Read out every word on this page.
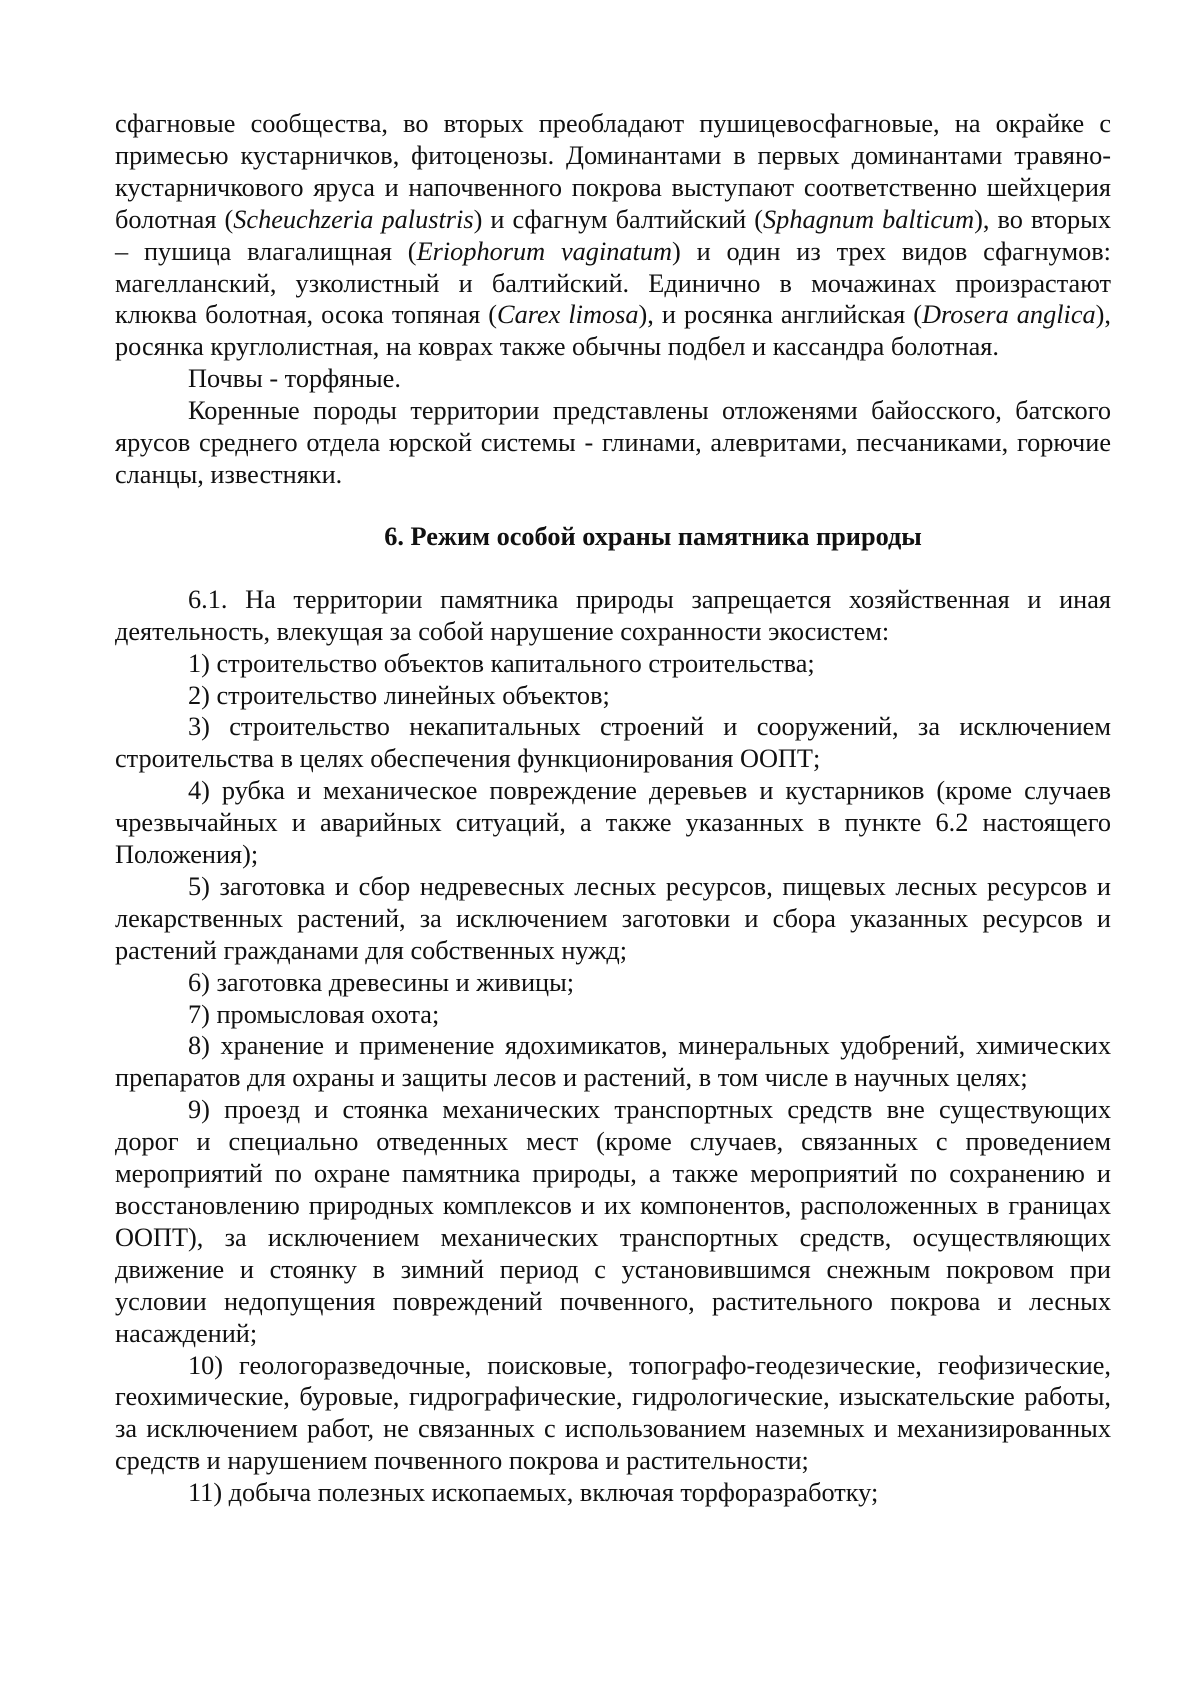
сфагновые сообщества, во вторых преобладают пушицевосфагновые, на окрайке с примесью кустарничков, фитоценозы. Доминантами в первых доминантами травяно-кустарничкового яруса и напочвенного покрова выступают соответственно шейхцерия болотная (Scheuchzeria palustris) и сфагнум балтийский (Sphagnum balticum), во вторых – пушица влагалищная (Eriophorum vaginatum) и один из трех видов сфагнумов: магелланский, узколистный и балтийский. Единично в мочажинах произрастают клюква болотная, осока топяная (Carex limosa), и росянка английская (Drosera anglica), росянка круглолистная, на коврах также обычны подбел и кассандра болотная.

Почвы - торфяные.

Коренные породы территории представлены отложенями байосского, батского ярусов среднего отдела юрской системы - глинами, алевритами, песчаниками, горючие сланцы, известняки.

6. Режим особой охраны памятника природы

6.1. На территории памятника природы запрещается хозяйственная и иная деятельность, влекущая за собой нарушение сохранности экосистем:

1) строительство объектов капитального строительства;

2) строительство линейных объектов;

3) строительство некапитальных строений и сооружений, за исключением строительства в целях обеспечения функционирования ООПТ;

4) рубка и механическое повреждение деревьев и кустарников (кроме случаев чрезвычайных и аварийных ситуаций, а также указанных в пункте 6.2 настоящего Положения);

5) заготовка и сбор недревесных лесных ресурсов, пищевых лесных ресурсов и лекарственных растений, за исключением заготовки и сбора указанных ресурсов и растений гражданами для собственных нужд;

6) заготовка древесины и живицы;

7) промысловая охота;

8) хранение и применение ядохимикатов, минеральных удобрений, химических препаратов для охраны и защиты лесов и растений, в том числе в научных целях;

9) проезд и стоянка механических транспортных средств вне существующих дорог и специально отведенных мест (кроме случаев, связанных с проведением мероприятий по охране памятника природы, а также мероприятий по сохранению и восстановлению природных комплексов и их компонентов, расположенных в границах ООПТ), за исключением механических транспортных средств, осуществляющих движение и стоянку в зимний период с установившимся снежным покровом при условии недопущения повреждений почвенного, растительного покрова и лесных насаждений;

10) геологоразведочные, поисковые, топографо-геодезические, геофизические, геохимические, буровые, гидрографические, гидрологические, изыскательские работы, за исключением работ, не связанных с использованием наземных и механизированных средств и нарушением почвенного покрова и растительности;

11) добыча полезных ископаемых, включая торфоразработку;
